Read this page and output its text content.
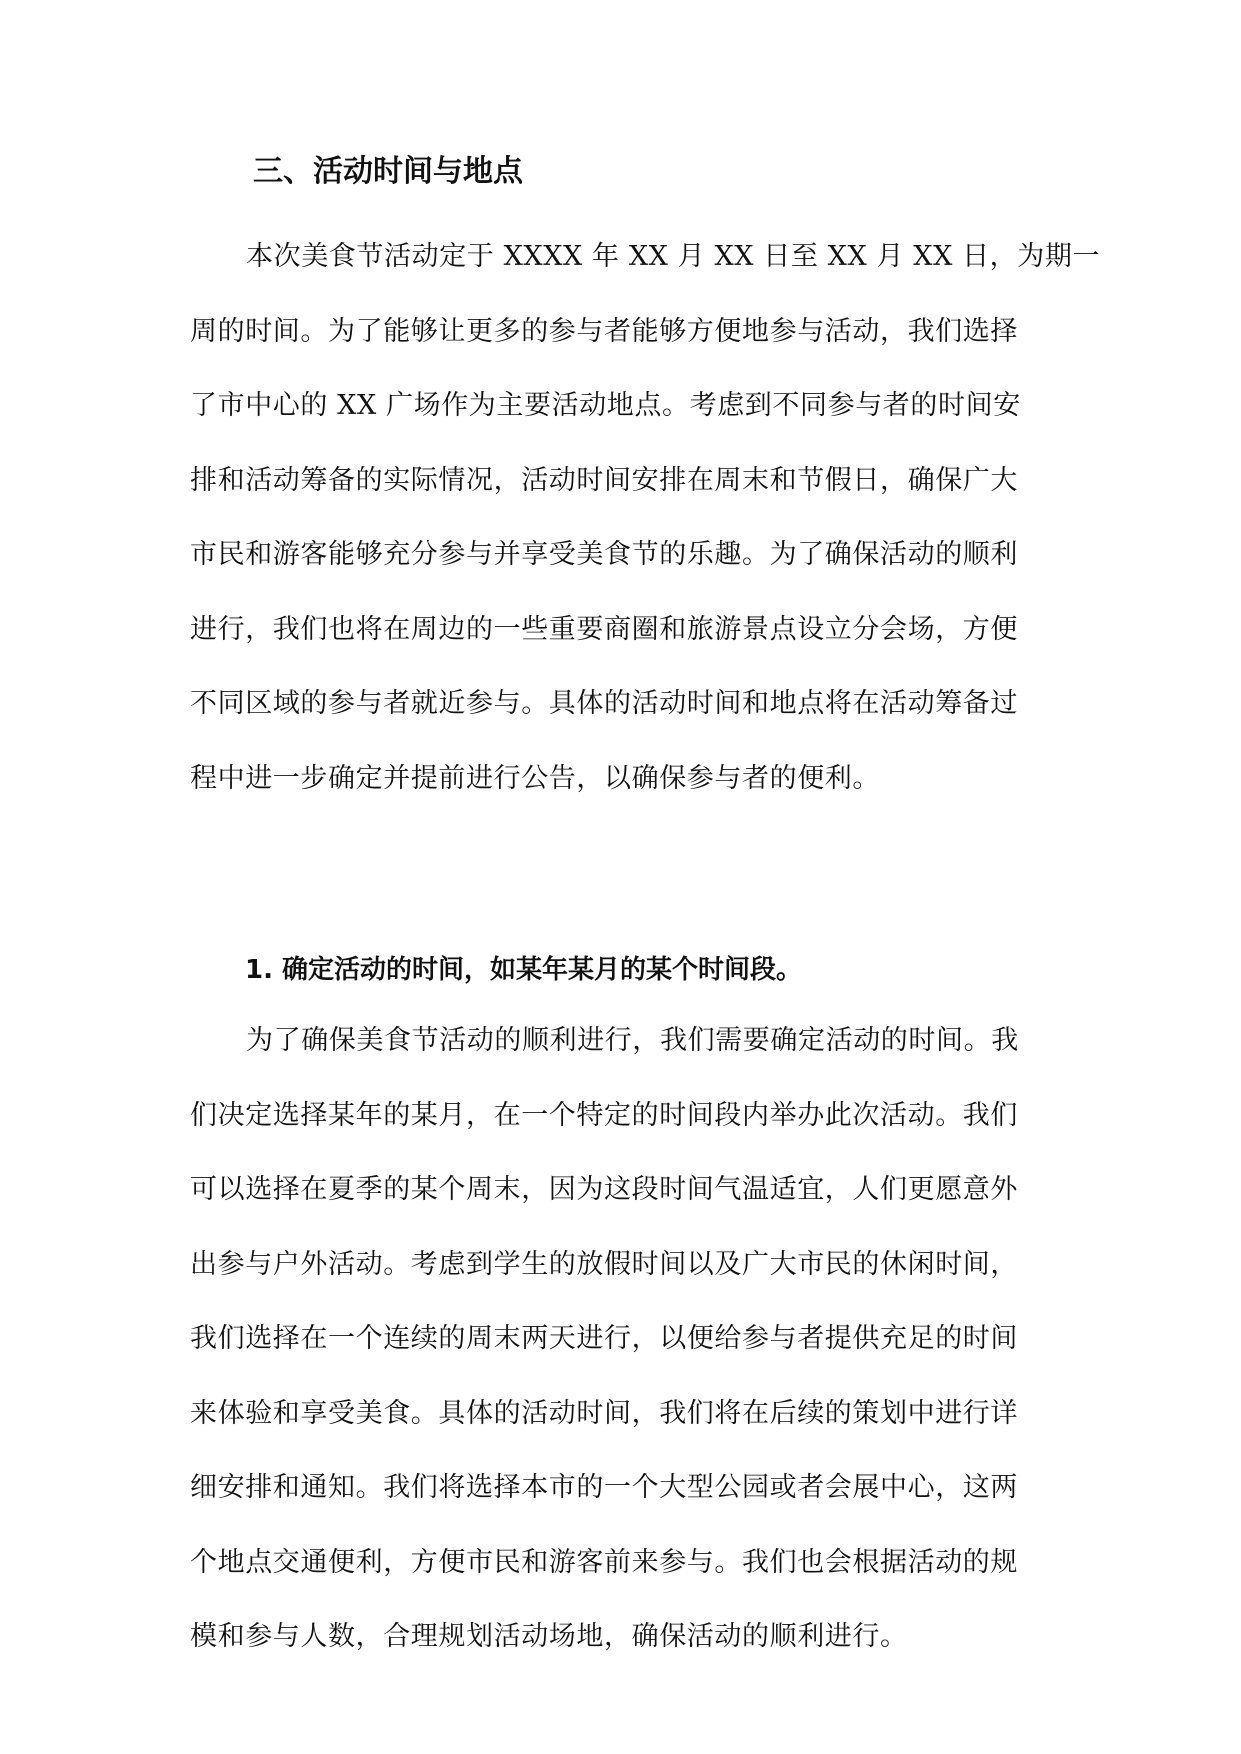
三、活动时间与地点
本次美食节活动定于 XXXX 年 XX 月 XX 日至 XX 月 XX 日，为期一
周的时间。为了能够让更多的参与者能够方便地参与活动，我们选择
了市中心的 XX 广场作为主要活动地点。考虑到不同参与者的时间安
排和活动筹备的实际情况，活动时间安排在周末和节假日，确保广大
市民和游客能够充分参与并享受美食节的乐趣。为了确保活动的顺利
进行，我们也将在周边的一些重要商圈和旅游景点设立分会场，方便
不同区域的参与者就近参与。具体的活动时间和地点将在活动筹备过
程中进一步确定并提前进行公告，以确保参与者的便利。
1. 确定活动的时间，如某年某月的某个时间段。
为了确保美食节活动的顺利进行，我们需要确定活动的时间。我
们决定选择某年的某月，在一个特定的时间段内举办此次活动。我们
可以选择在夏季的某个周末，因为这段时间气温适宜，人们更愿意外
出参与户外活动。考虑到学生的放假时间以及广大市民的休闲时间，
我们选择在一个连续的周末两天进行，以便给参与者提供充足的时间
来体验和享受美食。具体的活动时间，我们将在后续的策划中进行详
细安排和通知。我们将选择本市的一个大型公园或者会展中心，这两
个地点交通便利，方便市民和游客前来参与。我们也会根据活动的规
模和参与人数，合理规划活动场地，确保活动的顺利进行。
